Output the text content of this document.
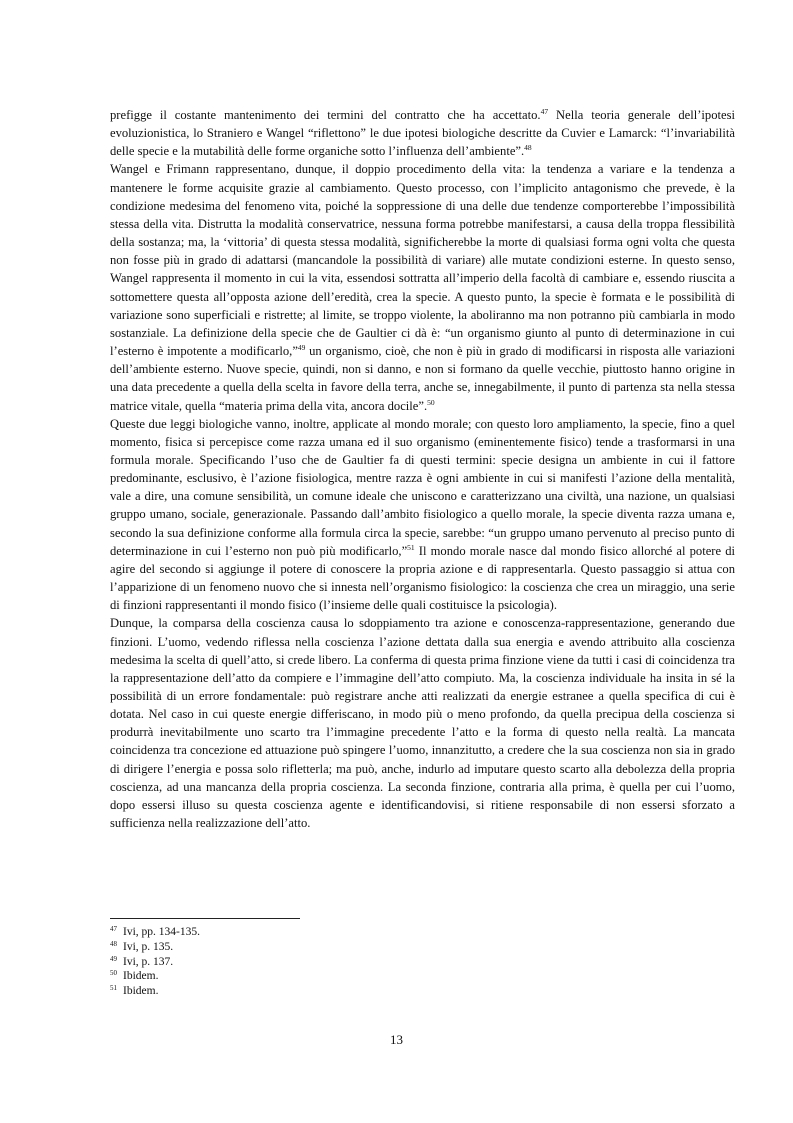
prefigge il costante mantenimento dei termini del contratto che ha accettato.$^{47}$ Nella teoria generale dell’ipotesi evoluzionistica, lo Straniero e Wangel “riflettono” le due ipotesi biologiche descritte da Cuvier e Lamarck: “l’invariabilità delle specie e la mutabilità delle forme organiche sotto l’influenza dell’ambiente”.$^{48}$

Wangel e Frimann rappresentano, dunque, il doppio procedimento della vita: la tendenza a variare e la tendenza a mantenere le forme acquisite grazie al cambiamento. Questo processo, con l’implicito antagonismo che prevede, è la condizione medesima del fenomeno vita, poiché la soppressione di una delle due tendenze comporterebbe l’impossibilità stessa della vita. Distrutta la modalità conservatrice, nessuna forma potrebbe manifestarsi, a causa della troppa flessibilità della sostanza; ma, la ‘vittoria’ di questa stessa modalità, significherebbe la morte di qualsiasi forma ogni volta che questa non fosse più in grado di adattarsi (mancandole la possibilità di variare) alle mutate condizioni esterne. In questo senso, Wangel rappresenta il momento in cui la vita, essendosi sottratta all’imperio della facoltà di cambiare e, essendo riuscita a sottomettere questa all’opposta azione dell’eredità, crea la specie. A questo punto, la specie è formata e le possibilità di variazione sono superficiali e ristrette; al limite, se troppo violente, la aboliranno ma non potranno più cambiarla in modo sostanziale. La definizione della specie che de Gaultier ci dà è: “un organismo giunto al punto di determinazione in cui l’esterno è impotente a modificarlo,”$^{49}$ un organismo, cioè, che non è più in grado di modificarsi in risposta alle variazioni dell’ambiente esterno. Nuove specie, quindi, non si danno, e non si formano da quelle vecchie, piuttosto hanno origine in una data precedente a quella della scelta in favore della terra, anche se, innegabilmente, il punto di partenza sta nella stessa matrice vitale, quella “materia prima della vita, ancora docile”.$^{50}$

Queste due leggi biologiche vanno, inoltre, applicate al mondo morale; con questo loro ampliamento, la specie, fino a quel momento, fisica si percepisce come razza umana ed il suo organismo (eminentemente fisico) tende a trasformarsi in una formula morale. Specificando l’uso che de Gaultier fa di questi termini: specie designa un ambiente in cui il fattore predominante, esclusivo, è l’azione fisiologica, mentre razza è ogni ambiente in cui si manifesti l’azione della mentalità, vale a dire, una comune sensibilità, un comune ideale che uniscono e caratterizzano una civiltà, una nazione, un qualsiasi gruppo umano, sociale, generazionale. Passando dall’ambito fisiologico a quello morale, la specie diventa razza umana e, secondo la sua definizione conforme alla formula circa la specie, sarebbe: “un gruppo umano pervenuto al preciso punto di determinazione in cui l’esterno non può più modificarlo,”$^{51}$ Il mondo morale nasce dal mondo fisico allorché al potere di agire del secondo si aggiunge il potere di conoscere la propria azione e di rappresentarla. Questo passaggio si attua con l’apparizione di un fenomeno nuovo che si innesta nell’organismo fisiologico: la coscienza che crea un miraggio, una serie di finzioni rappresentanti il mondo fisico (l’insieme delle quali costituisce la psicologia).

Dunque, la comparsa della coscienza causa lo sdoppiamento tra azione e conoscenza-rappresentazione, generando due finzioni. L’uomo, vedendo riflessa nella coscienza l’azione dettata dalla sua energia e avendo attribuito alla coscienza medesima la scelta di quell’atto, si crede libero. La conferma di questa prima finzione viene da tutti i casi di coincidenza tra la rappresentazione dell’atto da compiere e l’immagine dell’atto compiuto. Ma, la coscienza individuale ha insita in sé la possibilità di un errore fondamentale: può registrare anche atti realizzati da energie estranee a quella specifica di cui è dotata. Nel caso in cui queste energie differiscano, in modo più o meno profondo, da quella precipua della coscienza si produrrà inevitabilmente uno scarto tra l’immagine precedente l’atto e la forma di questo nella realtà. La mancata coincidenza tra concezione ed attuazione può spingere l’uomo, innanzitutto, a credere che la sua coscienza non sia in grado di dirigere l’energia e possa solo rifletterla; ma può, anche, indurlo ad imputare questo scarto alla debolezza della propria coscienza, ad una mancanza della propria coscienza. La seconda finzione, contraria alla prima, è quella per cui l’uomo, dopo essersi illuso su questa coscienza agente e identificandovisi, si ritiene responsabile di non essersi sforzato a sufficienza nella realizzazione dell’atto.

$^{47}$ Ivi, pp. 134-135.
$^{48}$ Ivi, p. 135.
$^{49}$ Ivi, p. 137.
$^{50}$ Ibidem.
$^{51}$ Ibidem.
13
